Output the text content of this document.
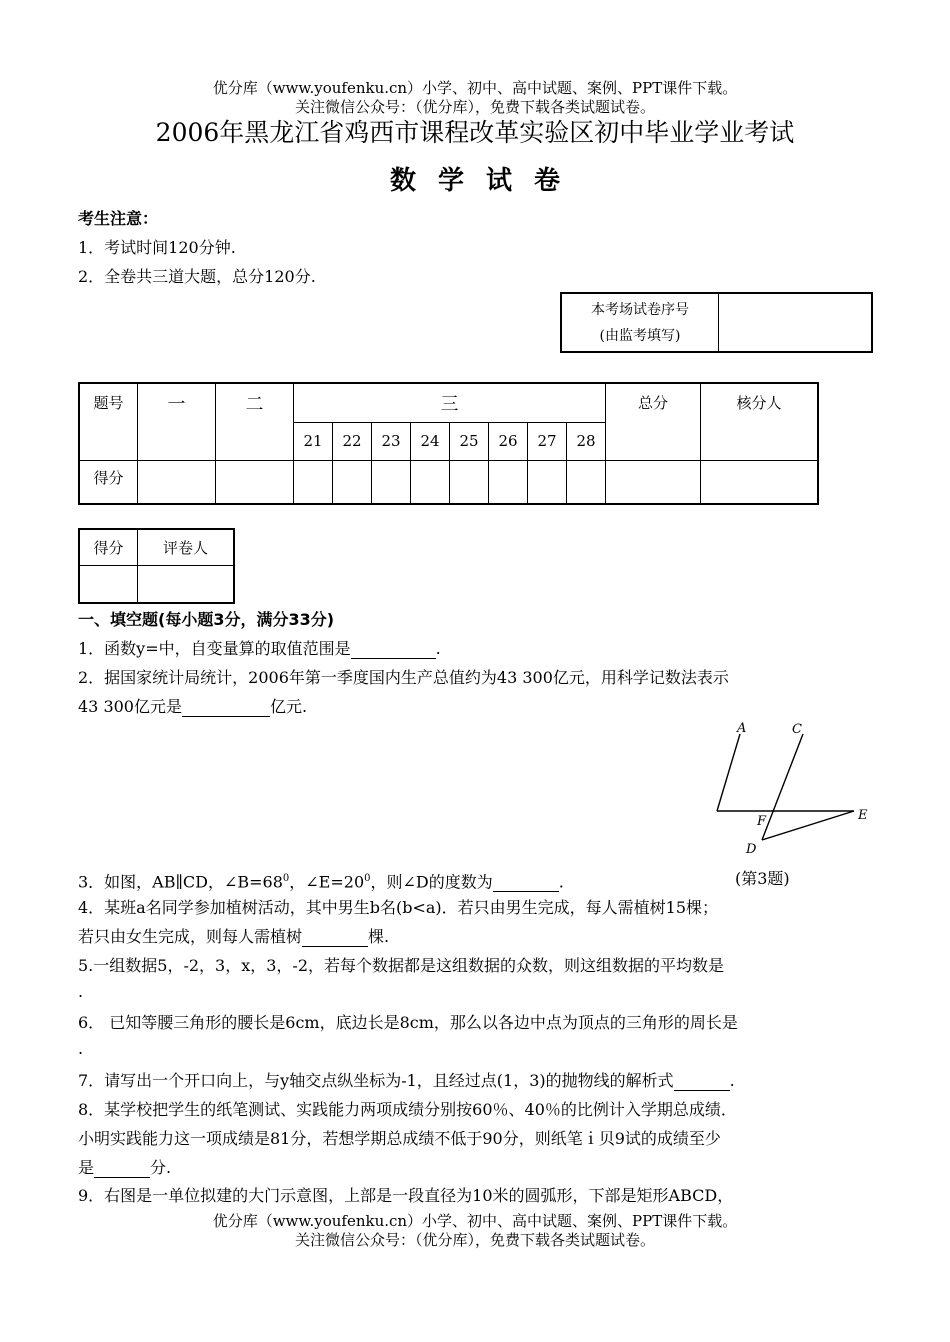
优分库（www.youfenku.cn）小学、初中、高中试题、案例、PPT课件下载。
关注微信公众号：（优分库），免费下载各类试题试卷。
2006年黑龙江省鸡西市课程改革实验区初中毕业学业考试
数学试卷
考生注意：
1．考试时间120分钟.
2．全卷共三道大题，总分120分.
本考场试卷序号
(由监考填写)

题号	一	二	三								总分	核分人
			21	22	23	24	25	26	27	28		
得分												
得分	评卷人

一、填空题(每小题3分，满分33分)
1．函数y=中，自变量算的取值范围是	.
2．据国家统计局统计，2006年第一季度国内生产总值约为43 300亿元，用科学记数法表示
43 300亿元是	亿元.
A	C
E
F
D
3．如图，AB∥CD，$\angle B=68^0$，$\angle E=20^0$，则∠D的度数为	.	(第3题)
4．某班a名同学参加植树活动，其中男生b名(b<a)．若只由男生完成，每人需植树15棵；
若只由女生完成，则每人需植树	棵.
5.一组数据5，-2，3，x，3，-2，若每个数据都是这组数据的众数，则这组数据的平均数是
.
6． 已知等腰三角形的腰长是6cm，底边长是8cm，那么以各边中点为顶点的三角形的周长是
.
7．请写出一个开口向上，与y轴交点纵坐标为-1，且经过点(1，3)的抛物线的解析式	.
8．某学校把学生的纸笔测试、实践能力两项成绩分别按60％、40％的比例计入学期总成绩．
小明实践能力这一项成绩是81分，若想学期总成绩不低于90分，则纸笔ｉ贝9试的成绩至少
是	分.
9．右图是一单位拟建的大门示意图，上部是一段直径为10米的圆弧形，下部是矩形ABCD，
优分库（www.youfenku.cn）小学、初中、高中试题、案例、PPT课件下载。
关注微信公众号：（优分库），免费下载各类试题试卷。
